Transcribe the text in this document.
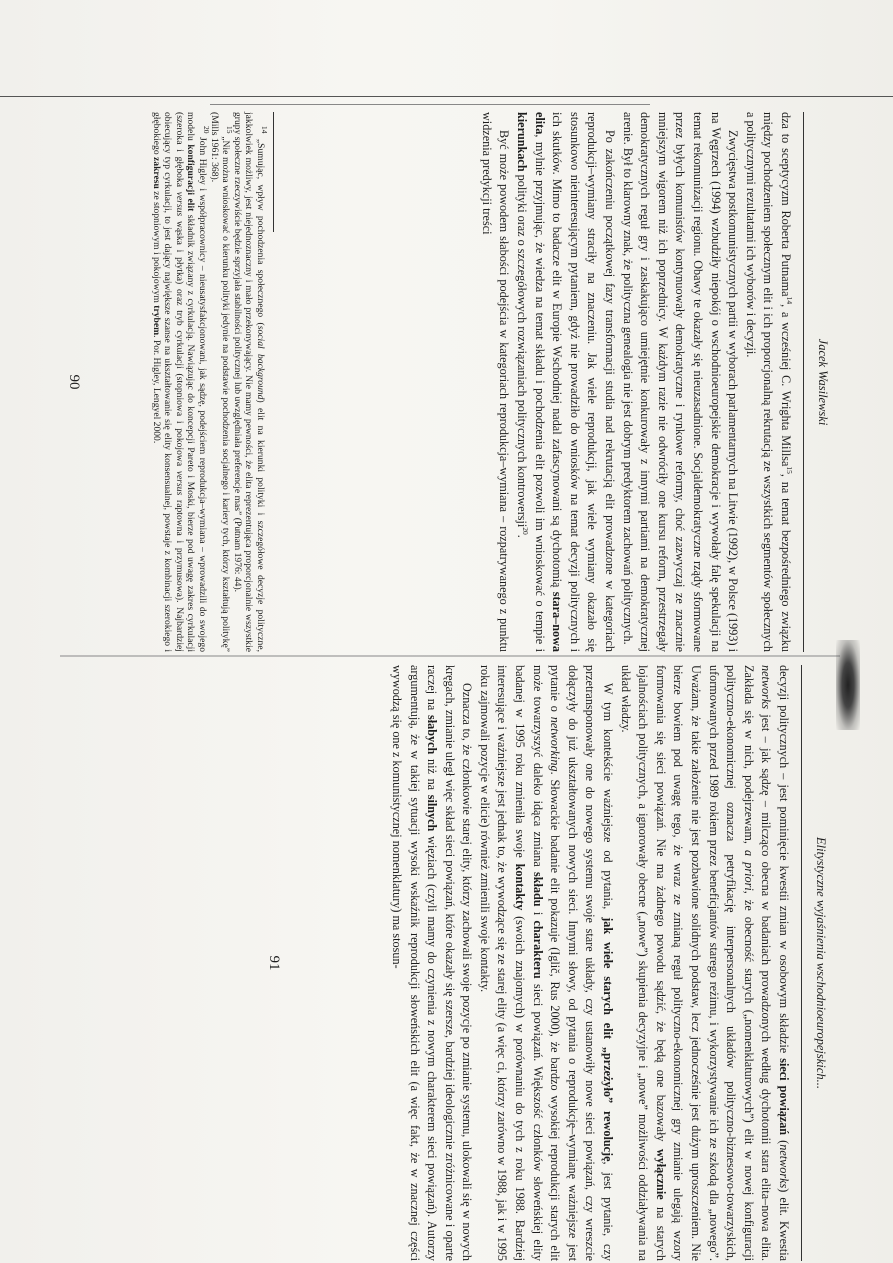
Jacek Wasilewski

dza to sceptycyzm Roberta Putnama$^{14}$, a wcześniej C. Wrighta Millsa$^{15}$, na temat bezpośredniego związku między pochodzeniem społecznym elit i ich proporcjonalną rekrutacją ze wszystkich segmentów społecznych a politycznymi rezultatami ich wyborów i decyzji.

Zwycięstwa postkomunistycznych partii w wyborach parlamentarnych na Litwie (1992), w Polsce (1993) i na Węgrzech (1994) wzbudziły niepokój o wschodnioeuropejskie demokracje i wywołały falę spekulacji na temat rekomunizacji regionu. Obawy te okazały się nieuzasadnione. Socjaldemokratyczne rządy sformowane przez byłych komunistów kontynuowały demokratyczne i rynkowe reformy, choć zazwyczaj ze znacznie mniejszym wigorem niż ich poprzednicy. W każdym razie nie odwróciły one kursu reform, przestrzegały demokratycznych reguł gry i zaskakująco umiejętnie konkurowały z innymi partiami na demokratycznej arenie. Był to klarowny znak, że polityczna genealogia nie jest dobrym predyktorem zachowań politycznych.

Po zakończeniu początkowej fazy transformacji studia nad rekrutacją elit prowadzone w kategoriach reprodukcji–wymiany straciły na znaczeniu. Jak wiele reprodukcji, jak wiele wymiany okazało się stosunkowo nieinteresującym pytaniem, gdyż nie prowadziło do wniosków na temat decyzji politycznych i ich skutków. Mimo to badacze elit w Europie Wschodniej nadal zafascynowani są dychotomią stara–nowa elita, mylnie przyjmując, że wiedza na temat składu i pochodzenia elit pozwoli im wnioskować o tempie i kierunkach polityki oraz o szczegółowych rozwiązaniach politycznych kontrowersji$^{20}$.

Być może powodem słabości podejścia w kategoriach reprodukcja–wymiana – rozpatrywanego z punktu widzenia predykcji treści

$^{14}$ „Sumując, wpływ pochodzenia społecznego (social background) elit na kierunki polityki i szczegółowe decyzje polityczne, jakkolwiek możliwy, jest niejednoznaczny i mało przekonywający. Nie mamy pewności, że elita reprezentująca proporcjonalnie wszystkie grupy społeczne rzeczywiście będzie sprzyjała stabilności politycznej lub uwzględniała preferencje mas” (Putnam 1976: 44).

$^{15}$ „Nie można wnioskować o kierunku polityki jedynie na podstawie pochodzenia socjalnego i kariery tych, którzy kształtują politykę” (Mills 1961: 368).

$^{20}$ John Higley i współpracownicy – nieusatysfakcjonowani, jak sądzę, podejściem reprodukcja–wymiana – wprowadzili do swojego modelu konfiguracji elit składnik związany z cyrkulacją. Nawiązując do koncepcji Pareto i Moski, bierze pod uwagę zakres cyrkulacji (szeroka i głęboka versus wąska i płytka) oraz tryb cyrkulacji (stopniowa i pokojowa versus raptowna i przymusowa). Najbardziej obiecujący typ cyrkulacji, to jest dający największe szanse na ukształtowanie się elity konsensualnej, powstaje z kombinacji szerokiego i głębokiego zakresu ze stopniowym i pokojowym trybem. Por. Higley, Lengyel 2000.

90
Elitystyczne wyjaśnienia wschodnioeuropejskich...

decyzji politycznych – jest pominięcie kwestii zmian w osobowym składzie sieci powiązań (networks) elit. Kwestia networks jest – jak sądzę – milcząco obecna w badaniach prowadzonych według dychotomii stara elita–nowa elita. Zakłada się w nich, podejrzewam, a priori, że obecność starych („nomenklaturowych”) elit w nowej konfiguracji polityczno-ekonomicznej oznacza petryfikację interpersonalnych układów polityczno-biznesowo-towarzyskich, uformowanych przed 1989 rokiem przez beneficjantów starego reżimu, i wykorzystywanie ich ze szkodą dla „nowego”. Uważam, że takie założenie nie jest pozbawione solidnych podstaw, lecz jednocześnie jest dużym uproszczeniem. Nie bierze bowiem pod uwagę tego, że wraz ze zmianą reguł polityczno-ekonomicznej gry zmianie ulegają wzory formowania się sieci powiązań. Nie ma żadnego powodu sądzić, że będą one bazowały wyłącznie na starych lojalnościach politycznych, a ignorowały obecne („nowe”) skupienia decyzyjne i „nowe” możliwości oddziaływania na układ władzy.

W tym kontekście ważniejsze od pytania, jak wiele starych elit „przeżyło” rewolucję, jest pytanie, czy przetransponowały one do nowego systemu swoje stare układy, czy ustanowiły nowe sieci powiązań, czy wreszcie dołączyły do już ukształtowanych nowych sieci. Innymi słowy, od pytania o reprodukcję–wymianę ważniejsze jest pytanie o networking. Słowackie badanie elit pokazuje (Iglič, Rus 2000), że bardzo wysokiej reprodukcji starych elit może towarzyszyć daleko idąca zmiana składu i charakteru sieci powiązań. Większość członków słoweńskiej elity badanej w 1995 roku zmieniła swoje kontakty (swoich znajomych) w porównaniu do tych z roku 1988. Bardziej interesujące i ważniejsze jest jednak to, że wywodzące się ze starej elity (a więc ci, którzy zarówno w 1988, jak i w 1995 roku zajmowali pozycje w elicie) również zmienili swoje kontakty.

Oznacza to, że członkowie starej elity, którzy zachowali swoje pozycje po zmianie systemu, ulokowali się w nowych kręgach, zmianie uległ więc skład sieci powiązań, które okazały się szersze, bardziej ideologicznie zróżnicowane i oparte raczej na słabych niż na silnych więziach (czyli mamy do czynienia z nowym charakterem sieci powiązań). Autorzy argumentują, że w takiej sytuacji wysoki wskaźnik reprodukcji słoweńskich elit (a więc fakt, że w znacznej części wywodzą się one z komunistycznej nomenklatury) ma stosun-

91
